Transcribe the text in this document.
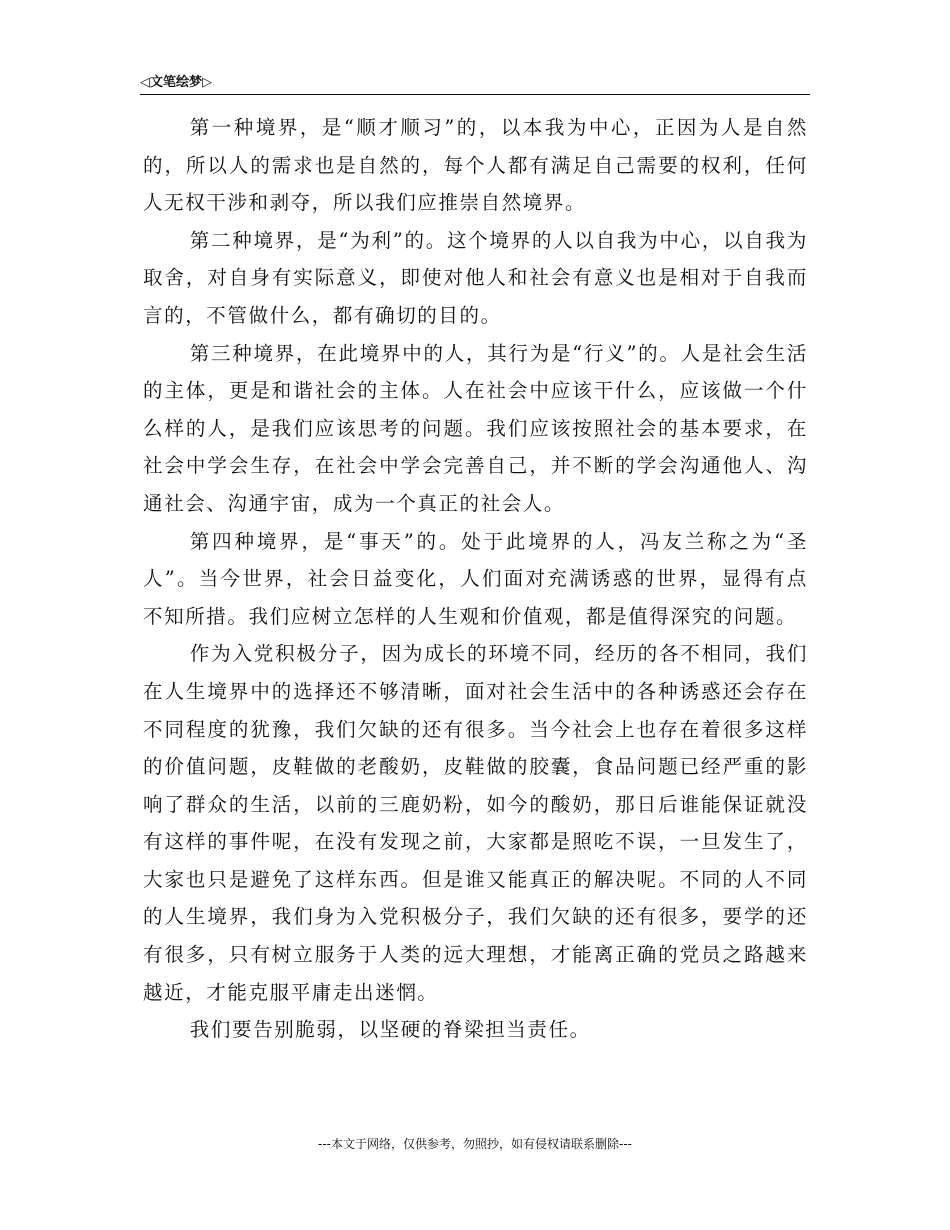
◁文笔绘梦▷

第一种境界，是“顺才顺习”的，以本我为中心，正因为人是自然的，所以人的需求也是自然的，每个人都有满足自己需要的权利，任何人无权干涉和剥夺，所以我们应推崇自然境界。

第二种境界，是“为利”的。这个境界的人以自我为中心，以自我为取舍，对自身有实际意义，即使对他人和社会有意义也是相对于自我而言的，不管做什么，都有确切的目的。

第三种境界，在此境界中的人，其行为是“行义”的。人是社会生活的主体，更是和谐社会的主体。人在社会中应该干什么，应该做一个什么样的人，是我们应该思考的问题。我们应该按照社会的基本要求，在社会中学会生存，在社会中学会完善自己，并不断的学会沟通他人、沟通社会、沟通宇宙，成为一个真正的社会人。

第四种境界，是“事天”的。处于此境界的人，冯友兰称之为“圣人”。当今世界，社会日益变化，人们面对充满诱惑的世界，显得有点不知所措。我们应树立怎样的人生观和价值观，都是值得深究的问题。

作为入党积极分子，因为成长的环境不同，经历的各不相同，我们在人生境界中的选择还不够清晰，面对社会生活中的各种诱惑还会存在不同程度的犹豫，我们欠缺的还有很多。当今社会上也存在着很多这样的价值问题，皮鞋做的老酸奶，皮鞋做的胶囊，食品问题已经严重的影响了群众的生活，以前的三鹿奶粉，如今的酸奶，那日后谁能保证就没有这样的事件呢，在没有发现之前，大家都是照吃不误，一旦发生了，大家也只是避免了这样东西。但是谁又能真正的解决呢。不同的人不同的人生境界，我们身为入党积极分子，我们欠缺的还有很多，要学的还有很多，只有树立服务于人类的远大理想，才能离正确的党员之路越来越近，才能克服平庸走出迷惘。

我们要告别脆弱，以坚硬的脊梁担当责任。

---本文于网络，仅供参考，勿照抄，如有侵权请联系删除---
